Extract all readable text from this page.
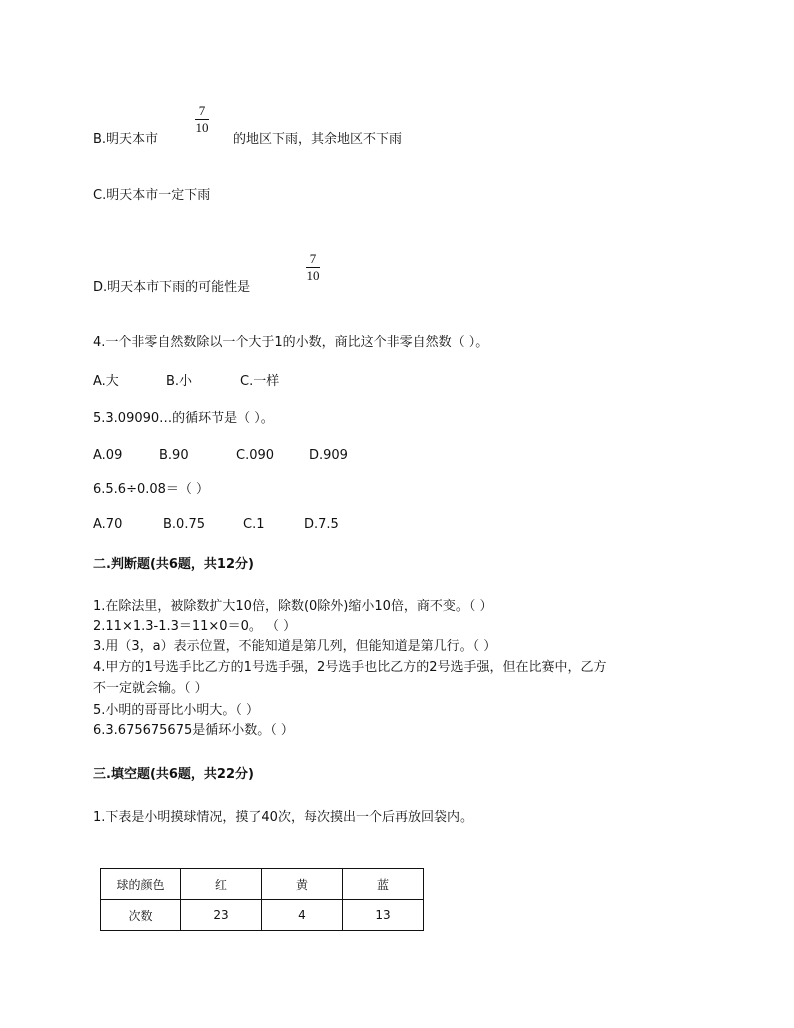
B.明天本市
7
10
的地区下雨，其余地区不下雨
C.明天本市一定下雨
D.明天本市下雨的可能性是
7
10
4.一个非零自然数除以一个大于1的小数，商比这个非零自然数（ ）。
A.大	B.小	C.一样
5.3.09090…的循环节是（ ）。
A.09	B.90	C.090	D.909
6.5.6÷0.08＝（ ）
A.70	B.0.75	C.1	D.7.5
二.判断题(共6题，共12分)
1.在除法里，被除数扩大10倍，除数(0除外)缩小10倍，商不变。（ ）
2.11×1.3-1.3＝11×0＝0。 （ ）
3.用（3，a）表示位置，不能知道是第几列，但能知道是第几行。（ ）
4.甲方的1号选手比乙方的1号选手强，2号选手也比乙方的2号选手强，但在比赛中，乙方
不一定就会输。（ ）
5.小明的哥哥比小明大。（ ）
6.3.675675675是循环小数。（ ）
三.填空题(共6题，共22分)
1.下表是小明摸球情况，摸了40次，每次摸出一个后再放回袋内。
球的颜色	红	黄	蓝
次数	23	4	13
